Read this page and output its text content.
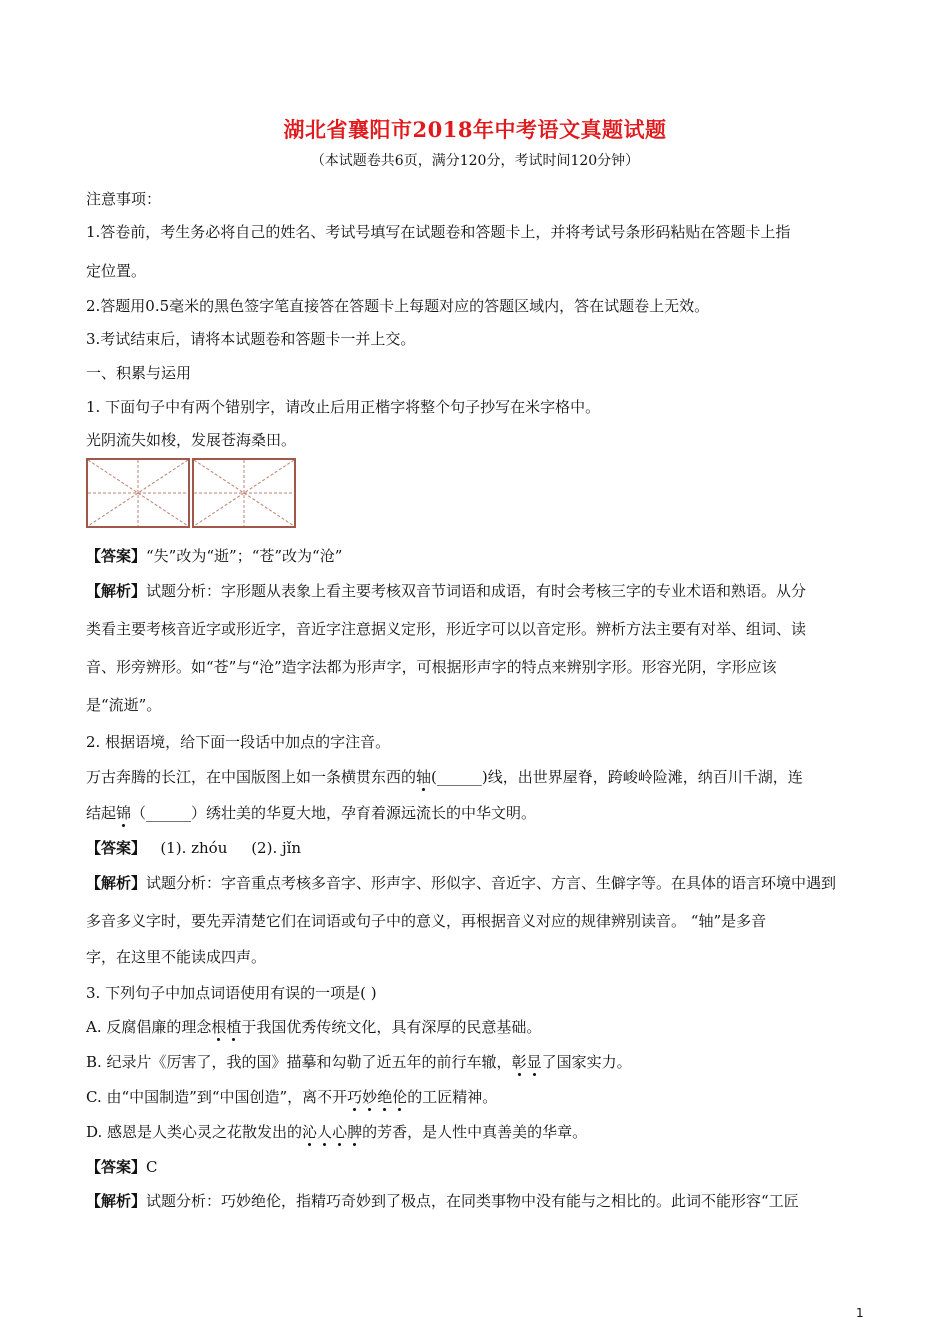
湖北省襄阳市2018年中考语文真题试题
（本试题卷共6页，满分120分，考试时间120分钟）
注意事项：
1.答卷前，考生务必将自己的姓名、考试号填写在试题卷和答题卡上，并将考试号条形码粘贴在答题卡上指
定位置。
2.答题用0.5毫米的黑色签字笔直接答在答题卡上每题对应的答题区域内，答在试题卷上无效。
3.考试结束后，请将本试题卷和答题卡一并上交。
一、积累与运用
1. 下面句子中有两个错别字，请改止后用正楷字将整个句子抄写在米字格中。
光阴流失如梭，发展苍海桑田。
【答案】“失”改为“逝”；“苍”改为“沧”
【解析】试题分析：字形题从表象上看主要考核双音节词语和成语，有时会考核三字的专业术语和熟语。从分
类看主要考核音近字或形近字，音近字注意据义定形，形近字可以以音定形。辨析方法主要有对举、组词、读
音、形旁辨形。如“苍”与“沧”造字法都为形声字，可根据形声字的特点来辨别字形。形容光阴，字形应该
是“流逝”。
2. 根据语境，给下面一段话中加点的字注音。
万古奔腾的长江，在中国版图上如一条横贯东西的轴(______)线，出世界屋脊，跨峻岭险滩，纳百川千湖，连
结起锦（______）绣壮美的华夏大地，孕育着源远流长的中华文明。
【答案】   (1). zhóu     (2). jǐn
【解析】试题分析：字音重点考核多音字、形声字、形似字、音近字、方言、生僻字等。在具体的语言环境中遇到
多音多义字时，要先弄清楚它们在词语或句子中的意义，再根据音义对应的规律辨别读音。 “轴”是多音
字，在这里不能读成四声。
3. 下列句子中加点词语使用有误的一项是( )
A. 反腐倡廉的理念根植于我国优秀传统文化，具有深厚的民意基础。
B. 纪录片《厉害了，我的国》描摹和勾勒了近五年的前行车辙，彰显了国家实力。
C. 由“中国制造”到“中国创造”，离不开巧妙绝伦的工匠精神。
D. 感恩是人类心灵之花散发出的沁人心脾的芳香，是人性中真善美的华章。
【答案】C
【解析】试题分析：巧妙绝伦，指精巧奇妙到了极点，在同类事物中没有能与之相比的。此词不能形容“工匠
1
